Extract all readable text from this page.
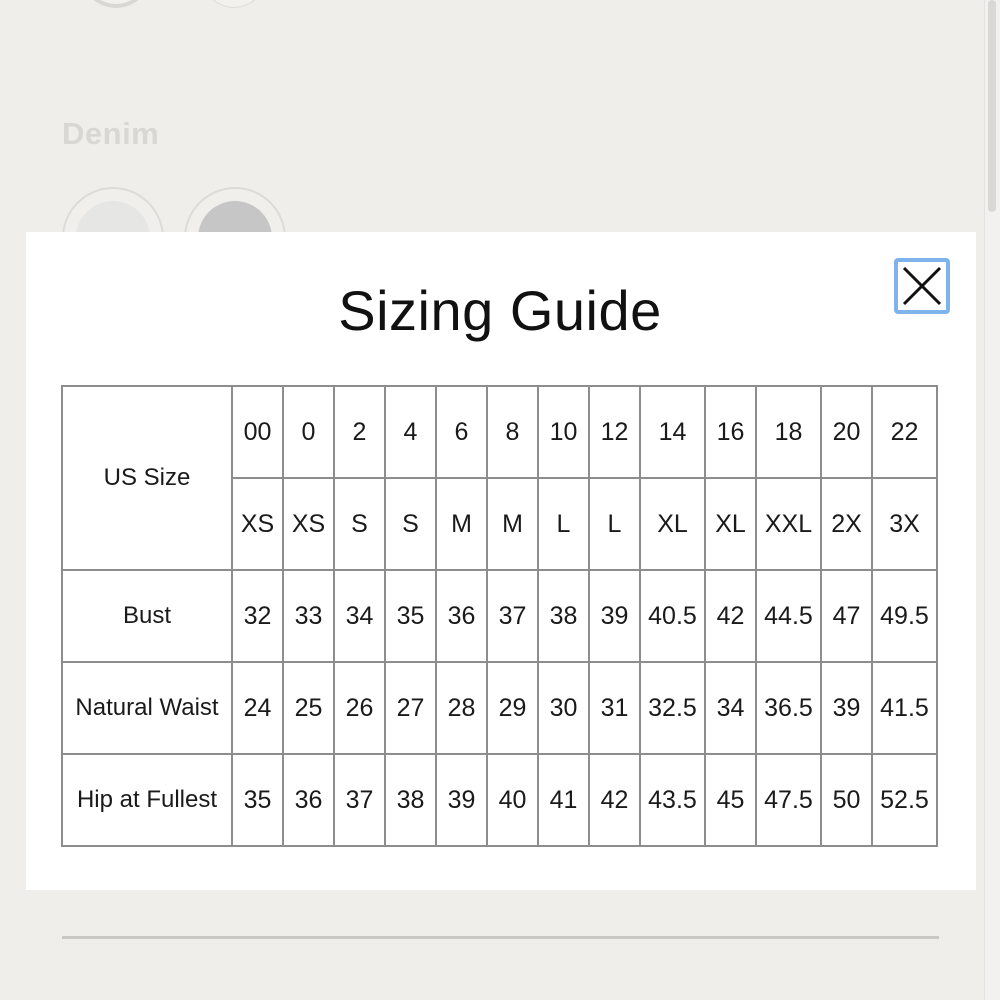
Denim
Sizing Guide
US Size	00	0	2	4	6	8	10	12	14	16	18	20	22
	XS	XS	S	S	M	M	L	L	XL	XL	XXL	2X	3X
Bust	32	33	34	35	36	37	38	39	40.5	42	44.5	47	49.5
Natural Waist	24	25	26	27	28	29	30	31	32.5	34	36.5	39	41.5
Hip at Fullest	35	36	37	38	39	40	41	42	43.5	45	47.5	50	52.5
